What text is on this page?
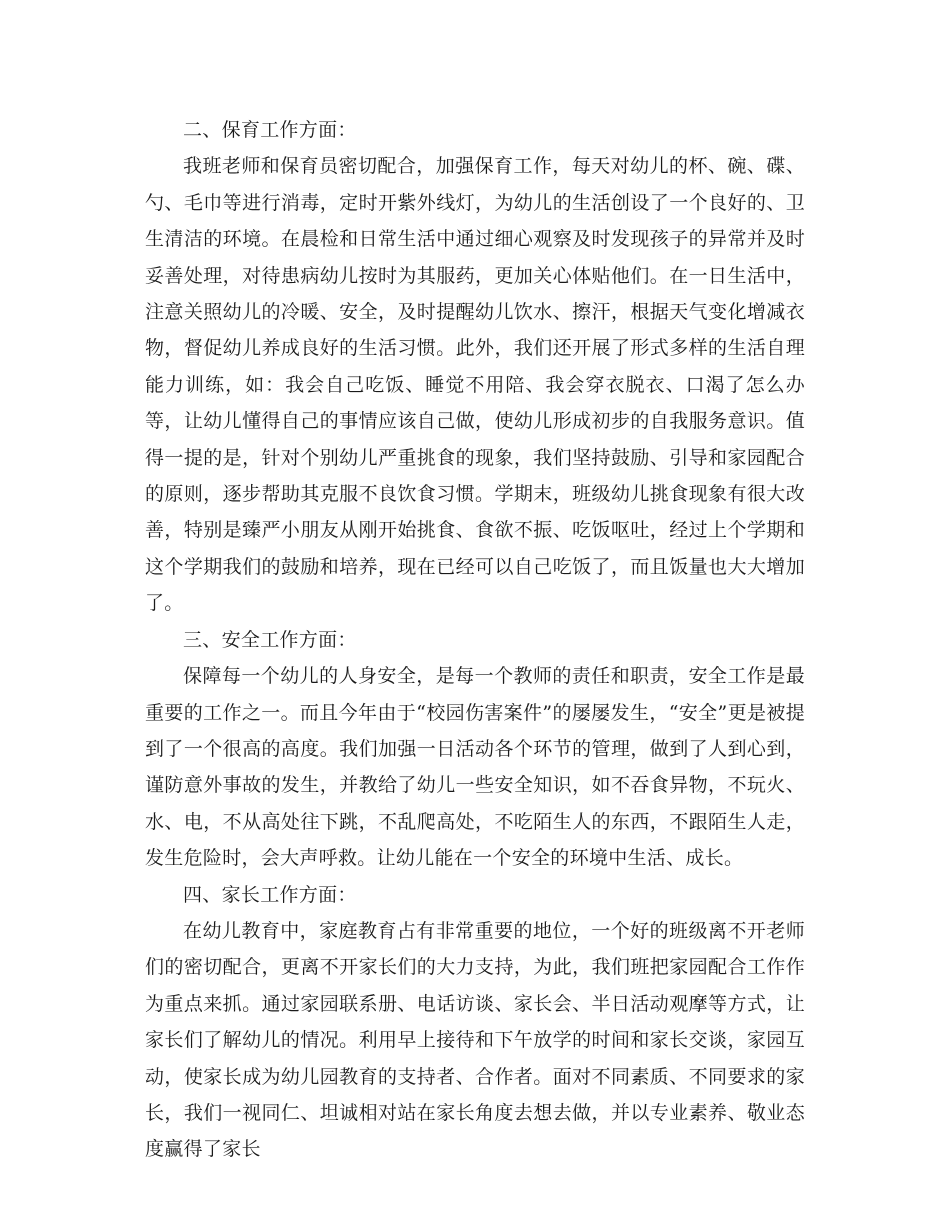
二、保育工作方面：

我班老师和保育员密切配合，加强保育工作，每天对幼儿的杯、碗、碟、勺、毛巾等进行消毒，定时开紫外线灯，为幼儿的生活创设了一个良好的、卫生清洁的环境。在晨检和日常生活中通过细心观察及时发现孩子的异常并及时妥善处理，对待患病幼儿按时为其服药，更加关心体贴他们。在一日生活中，注意关照幼儿的冷暖、安全，及时提醒幼儿饮水、擦汗，根据天气变化增减衣物，督促幼儿养成良好的生活习惯。此外，我们还开展了形式多样的生活自理能力训练，如：我会自己吃饭、睡觉不用陪、我会穿衣脱衣、口渴了怎么办等，让幼儿懂得自己的事情应该自己做，使幼儿形成初步的自我服务意识。值得一提的是，针对个别幼儿严重挑食的现象，我们坚持鼓励、引导和家园配合的原则，逐步帮助其克服不良饮食习惯。学期末，班级幼儿挑食现象有很大改善，特别是臻严小朋友从刚开始挑食、食欲不振、吃饭呕吐，经过上个学期和这个学期我们的鼓励和培养，现在已经可以自己吃饭了，而且饭量也大大增加了。

三、安全工作方面：

保障每一个幼儿的人身安全，是每一个教师的责任和职责，安全工作是最重要的工作之一。而且今年由于“校园伤害案件”的屡屡发生，“安全”更是被提到了一个很高的高度。我们加强一日活动各个环节的管理，做到了人到心到，谨防意外事故的发生，并教给了幼儿一些安全知识，如不吞食异物，不玩火、水、电，不从高处往下跳，不乱爬高处，不吃陌生人的东西，不跟陌生人走，发生危险时，会大声呼救。让幼儿能在一个安全的环境中生活、成长。

四、家长工作方面：

在幼儿教育中，家庭教育占有非常重要的地位，一个好的班级离不开老师们的密切配合，更离不开家长们的大力支持，为此，我们班把家园配合工作作为重点来抓。通过家园联系册、电话访谈、家长会、半日活动观摩等方式，让家长们了解幼儿的情况。利用早上接待和下午放学的时间和家长交谈，家园互动，使家长成为幼儿园教育的支持者、合作者。面对不同素质、不同要求的家长，我们一视同仁、坦诚相对站在家长角度去想去做，并以专业素养、敬业态度赢得了家长
